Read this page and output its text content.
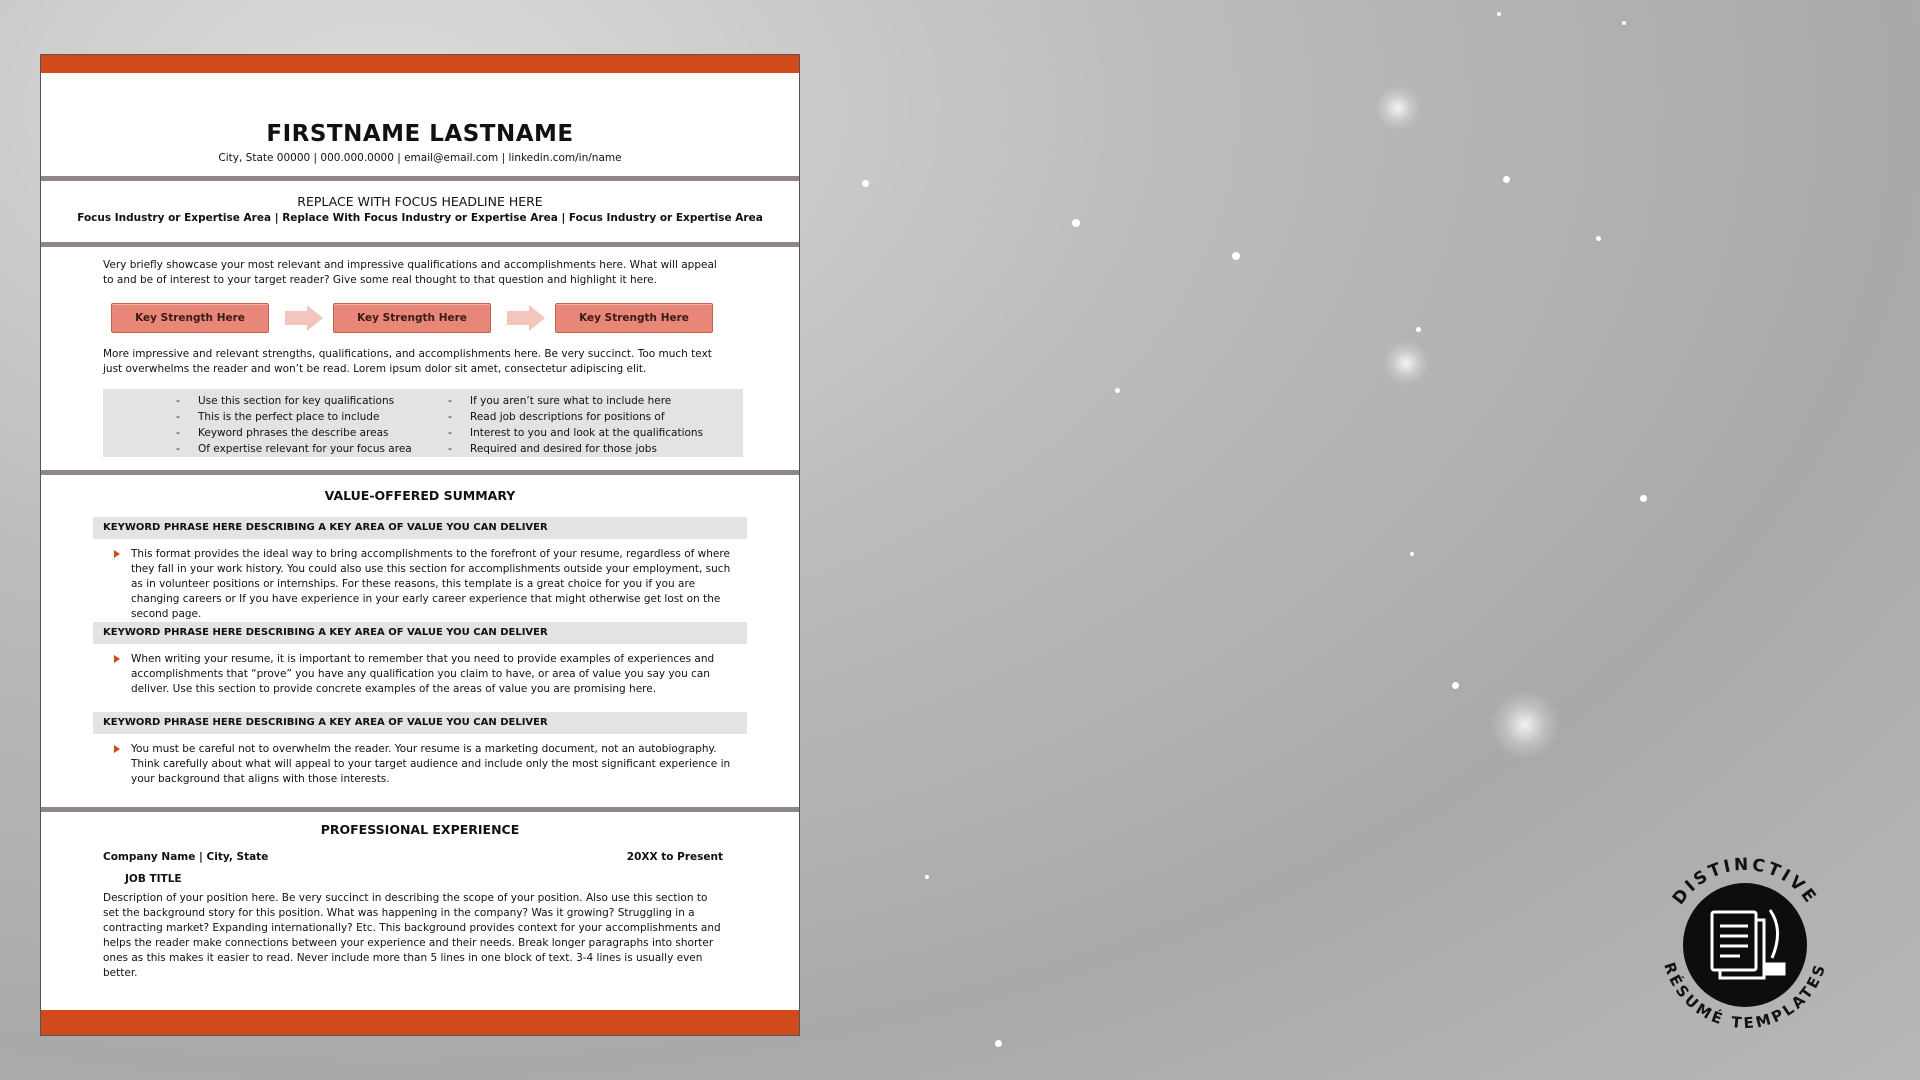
FIRSTNAME LASTNAME
City, State 00000 | 000.000.0000 | email@email.com | linkedin.com/in/name
REPLACE WITH FOCUS HEADLINE HERE
Focus Industry or Expertise Area | Replace With Focus Industry or Expertise Area | Focus Industry or Expertise Area
Very briefly showcase your most relevant and impressive qualifications and accomplishments here. What will appeal to and be of interest to your target reader? Give some real thought to that question and highlight it here.
Key Strength Here	Key Strength Here	Key Strength Here
More impressive and relevant strengths, qualifications, and accomplishments here. Be very succinct. Too much text just overwhelms the reader and won’t be read. Lorem ipsum dolor sit amet, consectetur adipiscing elit.
- Use this section for key qualifications
- This is the perfect place to include
- Keyword phrases the describe areas
- Of expertise relevant for your focus area
- If you aren’t sure what to include here
- Read job descriptions for positions of
- Interest to you and look at the qualifications
- Required and desired for those jobs
VALUE-OFFERED SUMMARY
KEYWORD PHRASE HERE DESCRIBING A KEY AREA OF VALUE YOU CAN DELIVER
This format provides the ideal way to bring accomplishments to the forefront of your resume, regardless of where they fall in your work history. You could also use this section for accomplishments outside your employment, such as in volunteer positions or internships. For these reasons, this template is a great choice for you if you are changing careers or If you have experience in your early career experience that might otherwise get lost on the second page.
KEYWORD PHRASE HERE DESCRIBING A KEY AREA OF VALUE YOU CAN DELIVER
When writing your resume, it is important to remember that you need to provide examples of experiences and accomplishments that “prove” you have any qualification you claim to have, or area of value you say you can deliver. Use this section to provide concrete examples of the areas of value you are promising here.
KEYWORD PHRASE HERE DESCRIBING A KEY AREA OF VALUE YOU CAN DELIVER
You must be careful not to overwhelm the reader. Your resume is a marketing document, not an autobiography. Think carefully about what will appeal to your target audience and include only the most significant experience in your background that aligns with those interests.
PROFESSIONAL EXPERIENCE
Company Name | City, State	20XX to Present
JOB TITLE
Description of your position here. Be very succinct in describing the scope of your position. Also use this section to set the background story for this position. What was happening in the company? Was it growing? Struggling in a contracting market? Expanding internationally? Etc. This background provides context for your accomplishments and helps the reader make connections between your experience and their needs. Break longer paragraphs into shorter ones as this makes it easier to read. Never include more than 5 lines in one block of text. 3-4 lines is usually even better.
DISTINCTIVE
RÉSUMÉ TEMPLATES
